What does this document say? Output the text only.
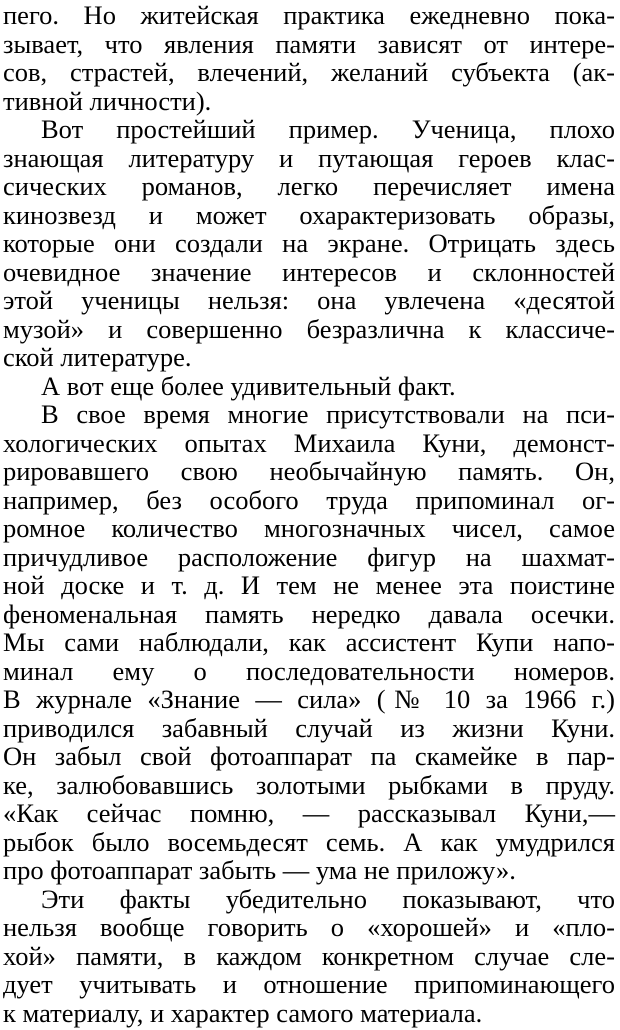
пего. Но житейская практика ежедневно пока-
зывает, что явления памяти зависят от интере-
сов, страстей, влечений, желаний субъекта (ак-
тивной личности).
Вот простейший пример. Ученица, плохо
знающая литературу и путающая героев клас-
сических романов, легко перечисляет имена
кинозвезд и может охарактеризовать образы,
которые они создали на экране. Отрицать здесь
очевидное значение интересов и склонностей
этой ученицы нельзя: она увлечена «десятой
музой» и совершенно безразлична к классиче-
ской литературе.
А вот еще более удивительный факт.
В свое время многие присутствовали на пси-
хологических опытах Михаила Куни, демонст-
рировавшего свою необычайную память. Он,
например, без особого труда припоминал ог-
ромное количество многозначных чисел, самое
причудливое расположение фигур на шахмат-
ной доске и т. д. И тем не менее эта поистине
феноменальная память нередко давала осечки.
Мы сами наблюдали, как ассистент Купи напо-
минал ему о последовательности номеров.
В журнале «Знание — сила» (№ 10 за 1966 г.)
приводился забавный случай из жизни Куни.
Он забыл свой фотоаппарат па скамейке в пар-
ке, залюбовавшись золотыми рыбками в пруду.
«Как сейчас помню, — рассказывал Куни,—
рыбок было восемьдесят семь. А как умудрился
про фотоаппарат забыть — ума не приложу».
Эти факты убедительно показывают, что
нельзя вообще говорить о «хорошей» и «пло-
хой» памяти, в каждом конкретном случае сле-
дует учитывать и отношение припоминающего
к материалу, и характер самого материала.
